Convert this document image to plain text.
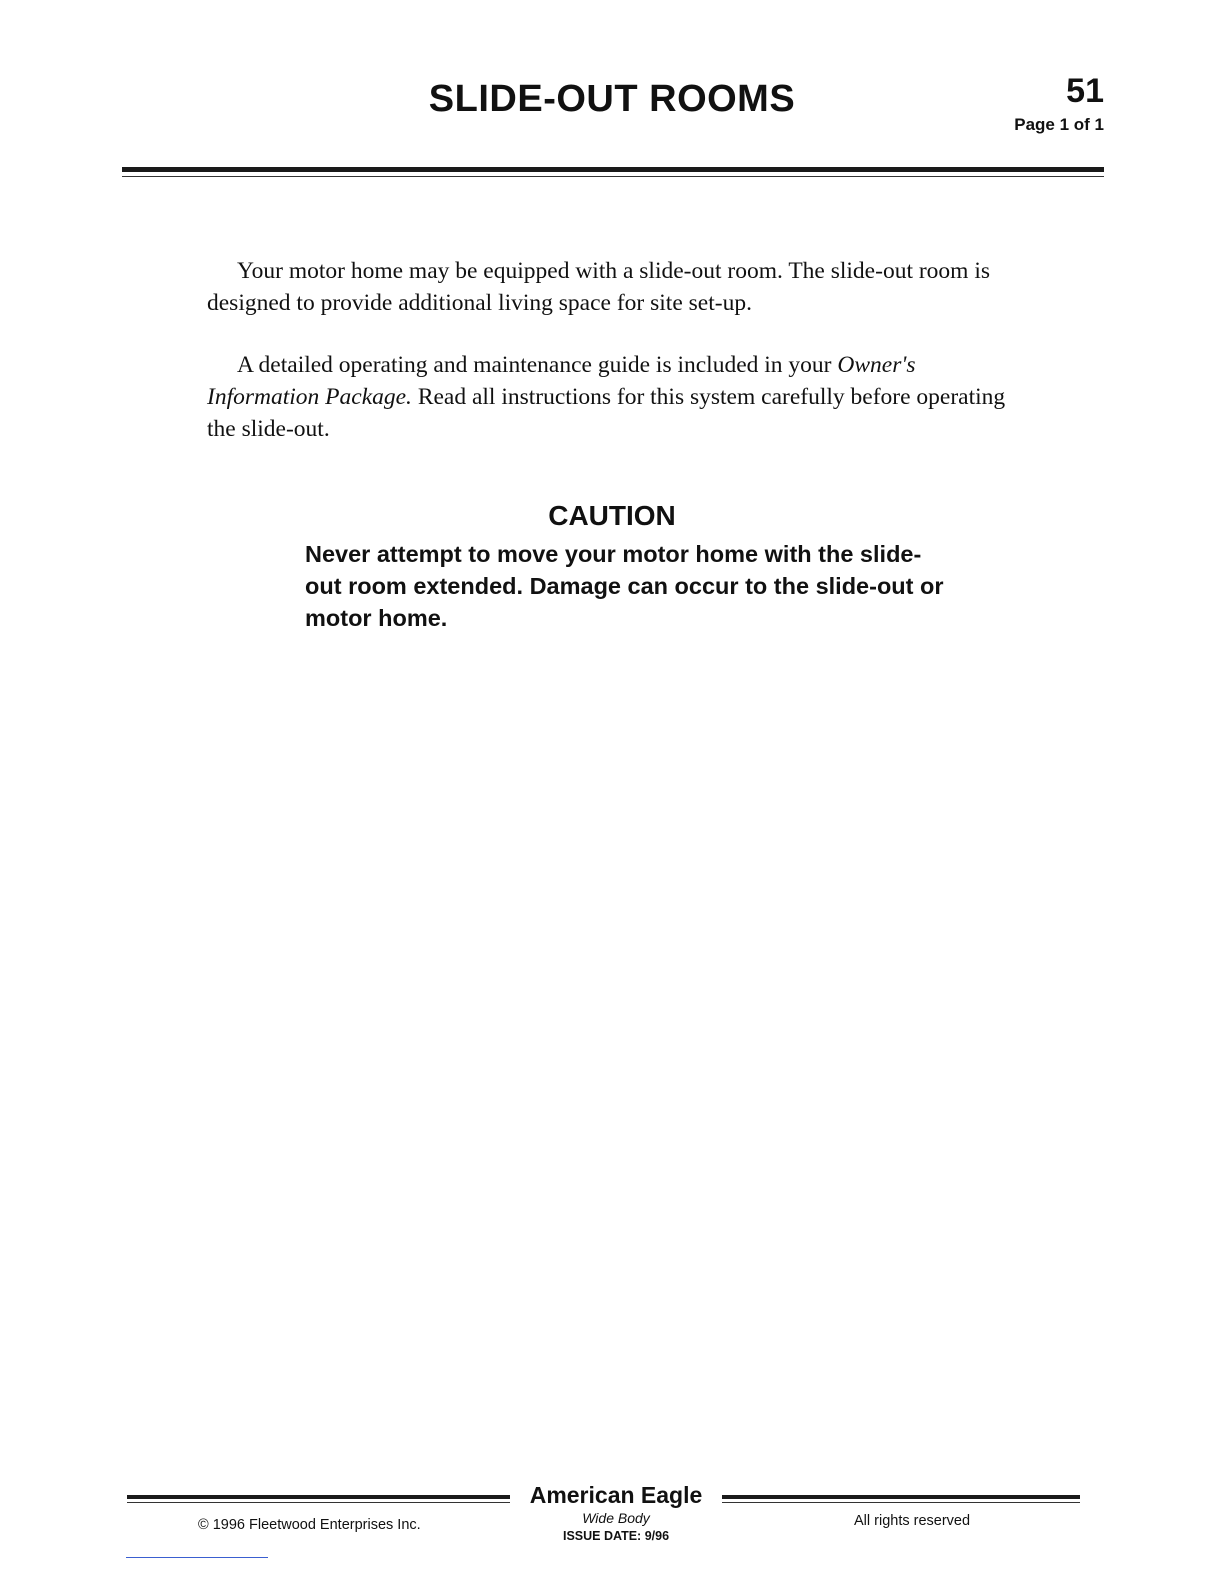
SLIDE-OUT ROOMS	51
Page 1 of 1

Your motor home may be equipped with a slide-out room. The slide-out room is designed to provide additional living space for site set-up.

A detailed operating and maintenance guide is included in your Owner's Information Package. Read all instructions for this system carefully before operating the slide-out.

CAUTION

Never attempt to move your motor home with the slide-out room extended. Damage can occur to the slide-out or motor home.

American Eagle
Wide Body
ISSUE DATE: 9/96
© 1996 Fleetwood Enterprises Inc.	All rights reserved
